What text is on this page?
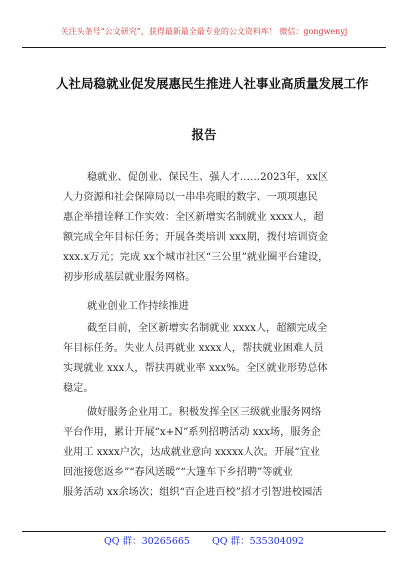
关注头条号“公文研究”，获得最新最全最专业的公文资料库！ 微信：gongwenyj
人社局稳就业促发展惠民生推进人社事业高质量发展工作
报告
稳就业、促创业、保民生、强人才……2023年，xx区
人力资源和社会保障局以一串串亮眼的数字、一项项惠民
惠企举措诠释工作实效：全区新增实名制就业 xxxx人，超
额完成全年目标任务；开展各类培训 xxx期，拨付培训资金
xxx.x万元；完成 xx个城市社区“三公里”就业圈平台建设，
初步形成基层就业服务网格。
就业创业工作持续推进
截至目前，全区新增实名制就业 xxxx人，超额完成全
年目标任务。失业人员再就业 xxxx人，帮扶就业困难人员
实现就业 xxx人，帮扶再就业率 xxx%。全区就业形势总体
稳定。
做好服务企业用工。积极发挥全区三级就业服务网络
平台作用，累计开展“x+N”系列招聘活动 xxx场，服务企
业用工 xxxx户次，达成就业意向 xxxxx人次。开展“宜业
回池接您返乡”“春风送暖”“大篷车下乡招聘”等就业
服务活动 xx余场次；组织“百企进百校”招才引智进校园活
QQ 群：30265665 QQ 群：535304092
